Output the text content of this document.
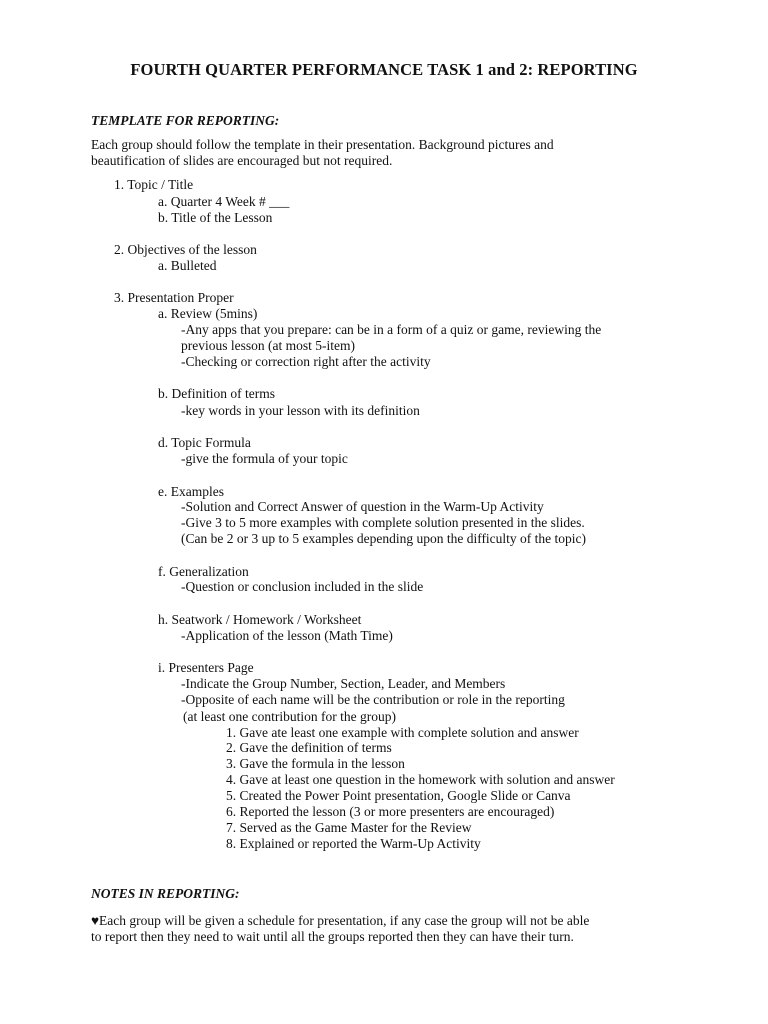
FOURTH QUARTER PERFORMANCE TASK 1 and 2: REPORTING
TEMPLATE FOR REPORTING:
Each group should follow the template in their presentation. Background pictures and
beautification of slides are encouraged but not required.
1. Topic / Title
a. Quarter 4 Week # ___
b. Title of the Lesson
2. Objectives of the lesson
a. Bulleted
3. Presentation Proper
a. Review (5mins)
-Any apps that you prepare: can be in a form of a quiz or game, reviewing the
previous lesson (at most 5-item)
-Checking or correction right after the activity
b. Definition of terms
-key words in your lesson with its definition
d. Topic Formula
-give the formula of your topic
e. Examples
-Solution and Correct Answer of question in the Warm-Up Activity
-Give 3 to 5 more examples with complete solution presented in the slides.
(Can be 2 or 3 up to 5 examples depending upon the difficulty of the topic)
f. Generalization
-Question or conclusion included in the slide
h. Seatwork / Homework / Worksheet
-Application of the lesson (Math Time)
i. Presenters Page
-Indicate the Group Number, Section, Leader, and Members
-Opposite of each name will be the contribution or role in the reporting
(at least one contribution for the group)
1. Gave ate least one example with complete solution and answer
2. Gave the definition of terms
3. Gave the formula in the lesson
4. Gave at least one question in the homework with solution and answer
5. Created the Power Point presentation, Google Slide or Canva
6. Reported the lesson (3 or more presenters are encouraged)
7. Served as the Game Master for the Review
8. Explained or reported the Warm-Up Activity
NOTES IN REPORTING:
♥Each group will be given a schedule for presentation, if any case the group will not be able
to report then they need to wait until all the groups reported then they can have their turn.
